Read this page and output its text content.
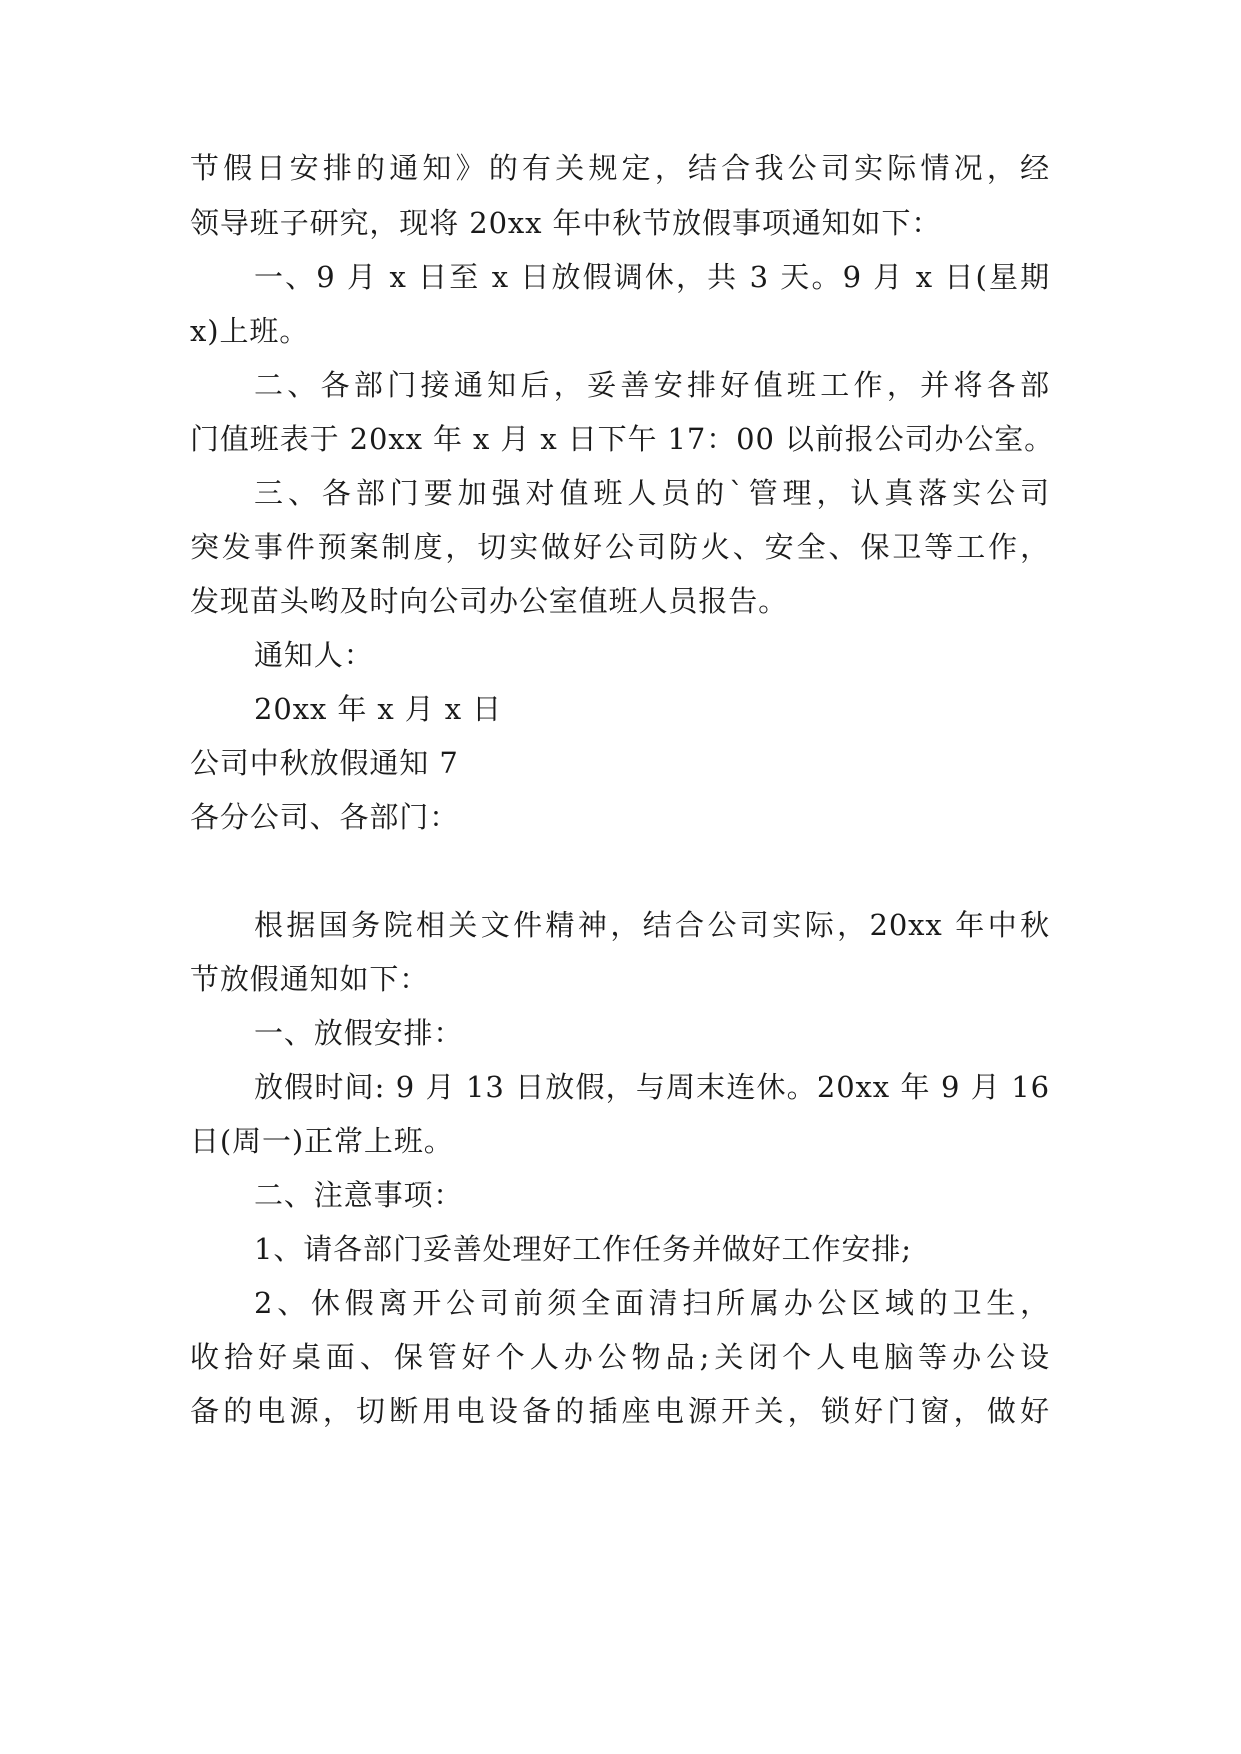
节假日安排的通知》的有关规定，结合我公司实际情况，经
领导班子研究，现将 20xx 年中秋节放假事项通知如下：
一、9 月 x 日至 x 日放假调休，共 3 天。9 月 x 日(星期
x)上班。
二、各部门接通知后，妥善安排好值班工作，并将各部
门值班表于 20xx 年 x 月 x 日下午 17：00 以前报公司办公室。
三、各部门要加强对值班人员的`管理，认真落实公司
突发事件预案制度，切实做好公司防火、安全、保卫等工作，
发现苗头哟及时向公司办公室值班人员报告。
通知人：
20xx 年 x 月 x 日
公司中秋放假通知 7
各分公司、各部门：
根据国务院相关文件精神，结合公司实际，20xx 年中秋
节放假通知如下：
一、放假安排：
放假时间: 9 月 13 日放假，与周末连休。20xx 年 9 月 16
日(周一)正常上班。
二、注意事项：
1、请各部门妥善处理好工作任务并做好工作安排;
2、休假离开公司前须全面清扫所属办公区域的卫生，
收拾好桌面、保管好个人办公物品;关闭个人电脑等办公设
备的电源，切断用电设备的插座电源开关，锁好门窗，做好
